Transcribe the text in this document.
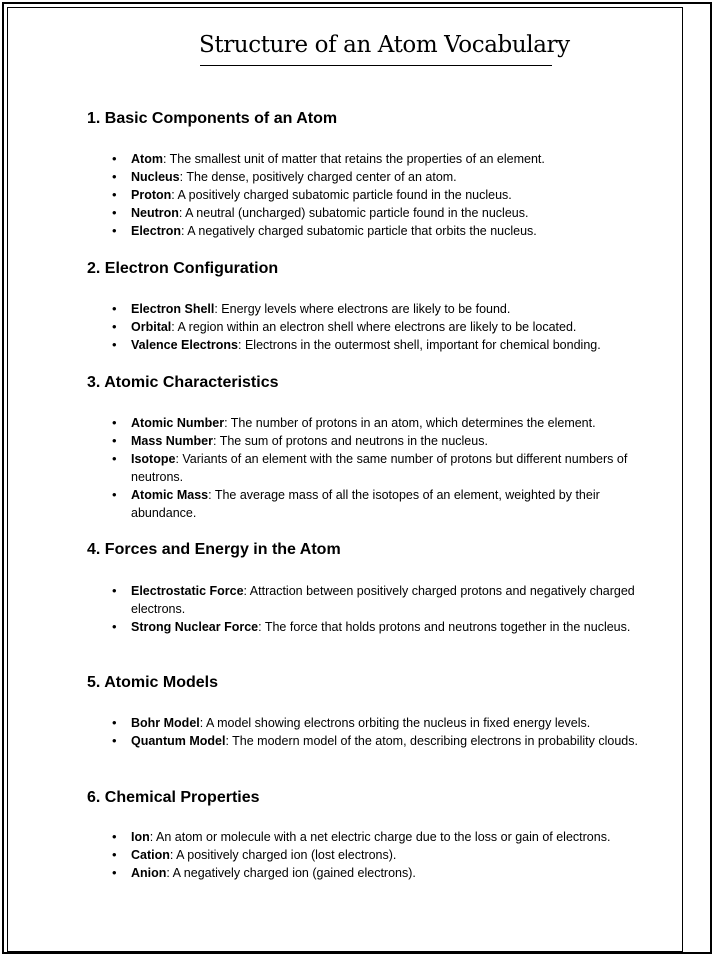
Structure of an Atom Vocabulary
1. Basic Components of an Atom
• Atom: The smallest unit of matter that retains the properties of an element.
• Nucleus: The dense, positively charged center of an atom.
• Proton: A positively charged subatomic particle found in the nucleus.
• Neutron: A neutral (uncharged) subatomic particle found in the nucleus.
• Electron: A negatively charged subatomic particle that orbits the nucleus.
2. Electron Configuration
• Electron Shell: Energy levels where electrons are likely to be found.
• Orbital: A region within an electron shell where electrons are likely to be located.
• Valence Electrons: Electrons in the outermost shell, important for chemical bonding.
3. Atomic Characteristics
• Atomic Number: The number of protons in an atom, which determines the element.
• Mass Number: The sum of protons and neutrons in the nucleus.
• Isotope: Variants of an element with the same number of protons but different numbers of neutrons.
• Atomic Mass: The average mass of all the isotopes of an element, weighted by their abundance.
4. Forces and Energy in the Atom
• Electrostatic Force: Attraction between positively charged protons and negatively charged electrons.
• Strong Nuclear Force: The force that holds protons and neutrons together in the nucleus.
5. Atomic Models
• Bohr Model: A model showing electrons orbiting the nucleus in fixed energy levels.
• Quantum Model: The modern model of the atom, describing electrons in probability clouds.
6. Chemical Properties
• Ion: An atom or molecule with a net electric charge due to the loss or gain of electrons.
• Cation: A positively charged ion (lost electrons).
• Anion: A negatively charged ion (gained electrons).
